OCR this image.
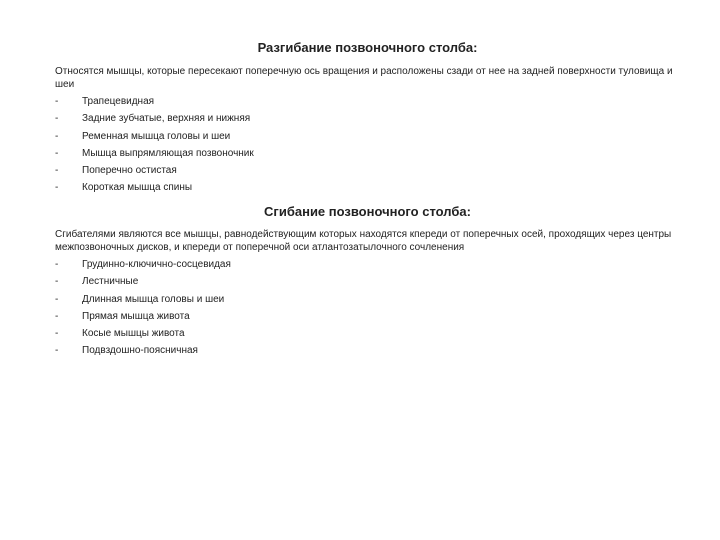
Разгибание позвоночного столба:

Относятся мышцы, которые пересекают поперечную ось вращения и расположены сзади от нее на задней поверхности туловища и шеи

-	Трапецевидная
-	Задние зубчатые, верхняя и нижняя
-	Ременная мышца головы и шеи
-	Мышца выпрямляющая позвоночник
-	Поперечно остистая
-	Короткая мышца спины
Сгибание позвоночного столба:

Сгибателями являются все мышцы, равнодействующим которых находятся кпереди от поперечных осей, проходящих через центры межпозвоночных дисков, и кпереди от поперечной оси атлантозатылочного сочленения

-	Грудинно-ключично-сосцевидая
-	Лестничные
-	Длинная мышца головы и шеи
-	Прямая мышца живота
-	Косые мышцы живота
-	Подвздошно-поясничная
